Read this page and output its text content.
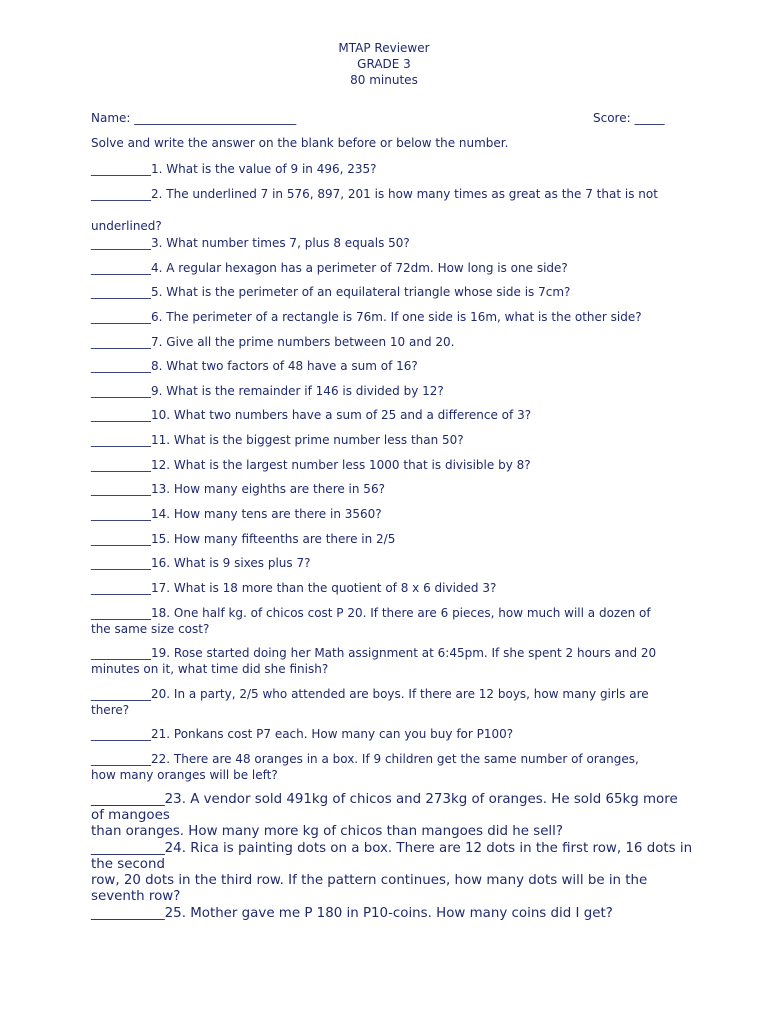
MTAP Reviewer
GRADE 3
80 minutes
Name: ___________________________	Score: _____
Solve and write the answer on the blank before or below the number.
__________1. What is the value of 9 in 496, 235?
__________2. The underlined 7 in 576, 897, 201 is how many times as great as the 7 that is not

underlined?
__________3. What number times 7, plus 8 equals 50?
__________4. A regular hexagon has a perimeter of 72dm. How long is one side?
__________5. What is the perimeter of an equilateral triangle whose side is 7cm?
__________6. The perimeter of a rectangle is 76m. If one side is 16m, what is the other side?
__________7. Give all the prime numbers between 10 and 20.
__________8. What two factors of 48 have a sum of 16?
__________9. What is the remainder if 146 is divided by 12?
__________10. What two numbers have a sum of 25 and a difference of 3?
__________11. What is the biggest prime number less than 50?
__________12. What is the largest number less 1000 that is divisible by 8?
__________13. How many eighths are there in 56?
__________14. How many tens are there in 3560?
__________15. How many fifteenths are there in 2/5
__________16. What is 9 sixes plus 7?
__________17. What is 18 more than the quotient of 8 x 6 divided 3?
__________18. One half kg. of chicos cost P 20. If there are 6 pieces, how much will a dozen of
the same size cost?
__________19. Rose started doing her Math assignment at 6:45pm. If she spent 2 hours and 20
minutes on it, what time did she finish?
__________20. In a party, 2/5 who attended are boys. If there are 12 boys, how many girls are
there?
__________21. Ponkans cost P7 each. How many can you buy for P100?
__________22. There are 48 oranges in a box. If 9 children get the same number of oranges,
how many oranges will be left?
___________23. A vendor sold 491kg of chicos and 273kg of oranges. He sold 65kg more
of mangoes
than oranges. How many more kg of chicos than mangoes did he sell?
___________24. Rica is painting dots on a box. There are 12 dots in the first row, 16 dots in
the second
row, 20 dots in the third row. If the pattern continues, how many dots will be in the
seventh row?
___________25. Mother gave me P 180 in P10-coins. How many coins did I get?
